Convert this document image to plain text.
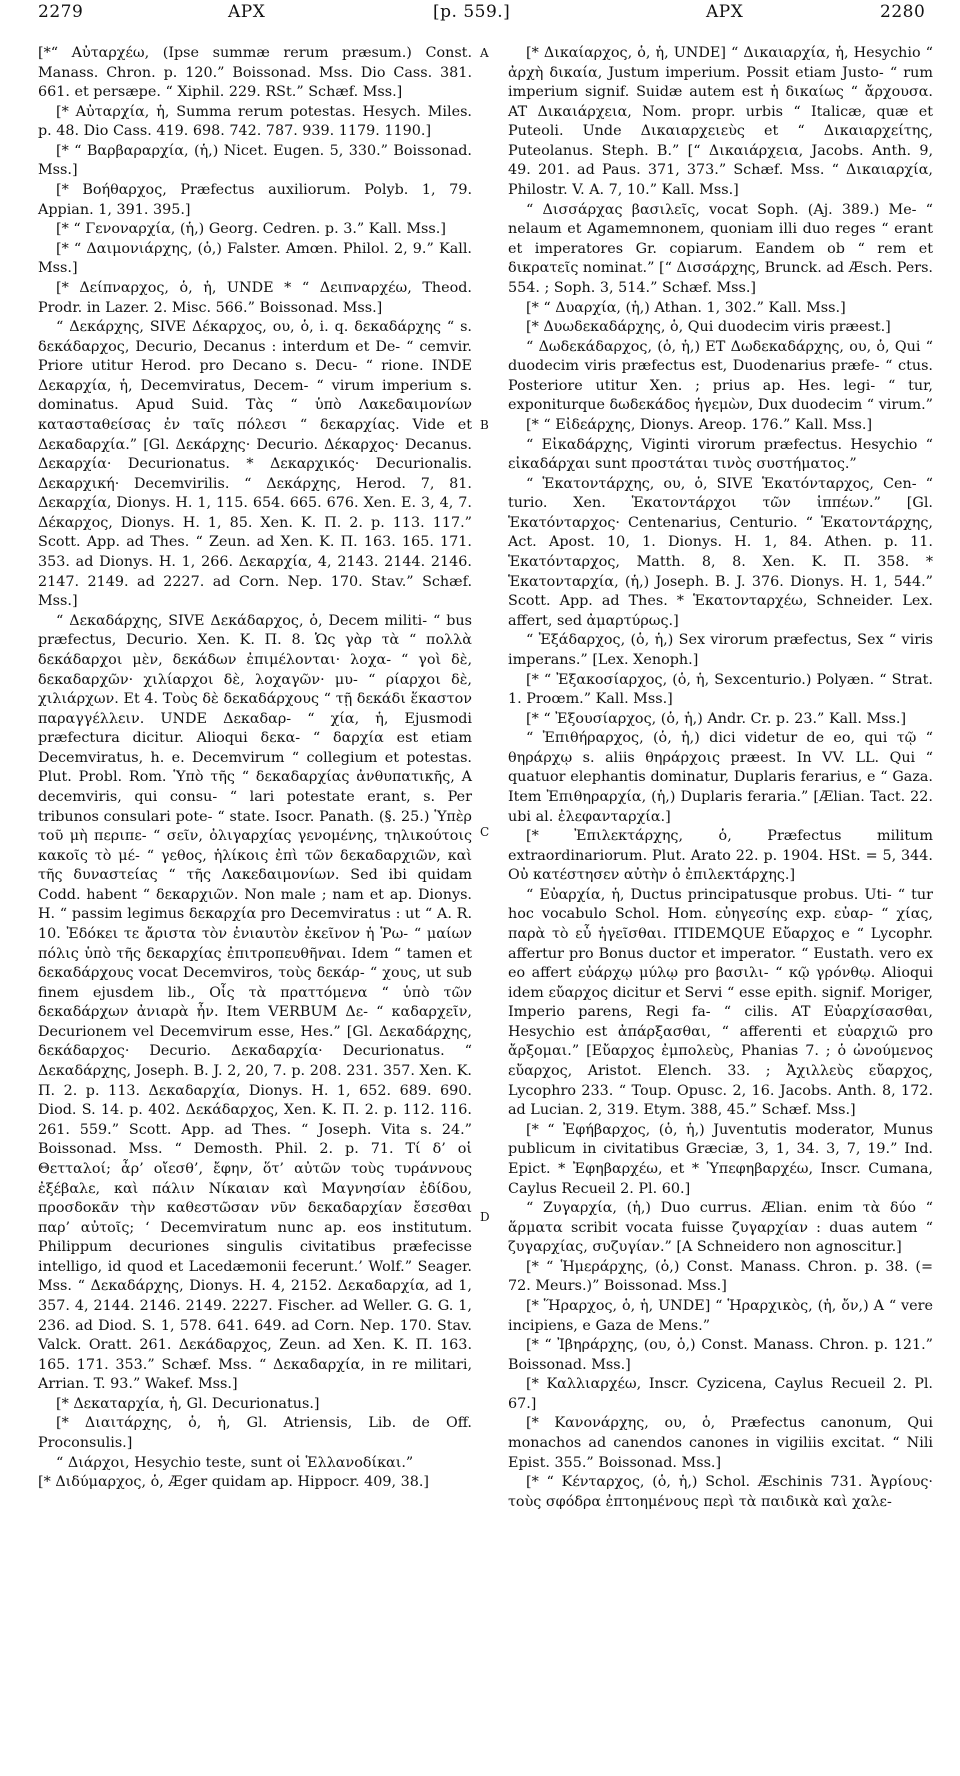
2279	ΑΡΧ	[p. 559.]	ΑΡΧ	2280
A
B
C
D

[*“ Αὐταρχέω, (Ipse summæ rerum præsum.) Const. Manass. Chron. p. 120.” Boissonad. Mss. Dio Cass. 381. 661. et persæpe. “ Xiphil. 229. RSt.” Schæf. Mss.]

[* Αὐταρχία, ἡ, Summa rerum potestas. Hesych. Miles. p. 48. Dio Cass. 419. 698. 742. 787. 939. 1179. 1190.]

[* “ Βαρβαραρχία, (ἡ,) Nicet. Eugen. 5, 330.” Boissonad. Mss.]

[* Βοήθαρχος, Præfectus auxiliorum. Polyb. 1, 79. Appian. 1, 391. 395.]

[* “ Γενοναρχία, (ἡ,) Georg. Cedren. p. 3.” Kall. Mss.]

[* “ Δαιμονιάρχης, (ὁ,) Falster. Amœn. Philol. 2, 9.” Kall. Mss.]

[* Δείπναρχος, ὁ, ἡ, UNDE * “ Δειπναρχέω, Theod. Prodr. in Lazer. 2. Misc. 566.” Boissonad. Mss.]

“ Δεκάρχης, SIVE Δέκαρχος, ου, ὁ, i. q. δεκαδάρχης “ s. δεκάδαρχος, Decurio, Decanus : interdum et De- “ cemvir. Priore utitur Herod. pro Decano s. Decu- “ rione. INDE Δεκαρχία, ἡ, Decemviratus, Decem- “ virum imperium s. dominatus. Apud Suid. Τὰς “ ὑπὸ Λακεδαιμονίων κατασταθείσας ἐν ταῖς πόλεσι “ δεκαρχίας. Vide et Δεκαδαρχία.” [Gl. Δεκάρχης· Decurio. Δέκαρχος· Decanus. Δεκαρχία· Decurionatus. * Δεκαρχικός· Decurionalis. Δεκαρχική· Decemvirilis. “ Δεκάρχης, Herod. 7, 81. Δεκαρχία, Dionys. H. 1, 115. 654. 665. 676. Xen. E. 3, 4, 7. Δέκαρχος, Dionys. H. 1, 85. Xen. K. Π. 2. p. 113. 117.” Scott. App. ad Thes. “ Zeun. ad Xen. K. Π. 163. 165. 171. 353. ad Dionys. H. 1, 266. Δεκαρχία, 4, 2143. 2144. 2146. 2147. 2149. ad 2227. ad Corn. Nep. 170. Stav.” Schæf. Mss.]

“ Δεκαδάρχης, SIVE Δεκάδαρχος, ὁ, Decem militi- “ bus præfectus, Decurio. Xen. K. Π. 8. Ὡς γὰρ τὰ “ πολλὰ δεκάδαρχοι μὲν, δεκάδων ἐπιμέλονται· λοχα- “ γοὶ δὲ, δεκαδαρχῶν· χιλίαρχοι δὲ, λοχαγῶν· μυ- “ ρίαρχοι δὲ, χιλιάρχων. Et 4. Τοὺς δὲ δεκαδάρχους “ τῇ δεκάδι ἕκαστον παραγγέλλειν. UNDE Δεκαδαρ- “ χία, ἡ, Ejusmodi præfectura dicitur. Alioqui δεκα- “ δαρχία est etiam Decemviratus, h. e. Decemvirum “ collegium et potestas. Plut. Probl. Rom. Ὑπὸ τῆς “ δεκαδαρχίας ἀνθυπατικῆς, A decemviris, qui consu- “ lari potestate erant, s. Per tribunos consulari pote- “ state. Isocr. Panath. (§. 25.) Ὑπὲρ τοῦ μὴ περιπε- “ σεῖν, ὀλιγαρχίας γενομένης, τηλικούτοις κακοῖς τὸ μέ- “ γεθος, ἡλίκοις ἐπὶ τῶν δεκαδαρχιῶν, καὶ τῆς δυναστείας “ τῆς Λακεδαιμονίων. Sed ibi quidam Codd. habent “ δεκαρχιῶν. Non male ; nam et ap. Dionys. H. “ passim legimus δεκαρχία pro Decemviratus : ut “ A. R. 10. Ἐδόκει τε ἄριστα τὸν ἐνιαυτὸν ἐκεῖνον ἡ Ῥω- “ μαίων πόλις ὑπὸ τῆς δεκαρχίας ἐπιτροπευθῆναι. Idem “ tamen et δεκαδάρχους vocat Decemviros, τοὺς δεκάρ- “ χους, ut sub finem ejusdem lib., Οἷς τὰ πραττόμενα “ ὑπὸ τῶν δεκαδάρχων ἀνιαρὰ ἦν. Item VERBUM Δε- “ καδαρχεῖν, Decurionem vel Decemvirum esse, Hes.” [Gl. Δεκαδάρχης, δεκάδαρχος· Decurio. Δεκαδαρχία· Decurionatus. “ Δεκαδάρχης, Joseph. B. J. 2, 20, 7. p. 208. 231. 357. Xen. K. Π. 2. p. 113. Δεκαδαρχία, Dionys. H. 1, 652. 689. 690. Diod. S. 14. p. 402. Δεκάδαρχος, Xen. K. Π. 2. p. 112. 116. 261. 559.” Scott. App. ad Thes. “ Joseph. Vita s. 24.” Boissonad. Mss. “ Demosth. Phil. 2. p. 71. Τί δ’ οἱ Θετταλοί; ἆρ’ οἴεσθ’, ἔφην, ὅτ’ αὐτῶν τοὺς τυράννους ἐξέβαλε, καὶ πάλιν Νίκαιαν καὶ Μαγνησίαν ἐδίδου, προσδοκᾶν τὴν καθεστῶσαν νῦν δεκαδαρχίαν ἔσεσθαι παρ’ αὐτοῖς; ‘ Decemviratum nunc ap. eos institutum. Philippum decuriones singulis civitatibus præfecisse intelligo, id quod et Lacedæmonii fecerunt.’ Wolf.” Seager. Mss. “ Δεκαδάρχης, Dionys. H. 4, 2152. Δεκαδαρχία, ad 1, 357. 4, 2144. 2146. 2149. 2227. Fischer. ad Weller. G. G. 1, 236. ad Diod. S. 1, 578. 641. 649. ad Corn. Nep. 170. Stav. Valck. Oratt. 261. Δεκάδαρχος, Zeun. ad Xen. K. Π. 163. 165. 171. 353.” Schæf. Mss. “ Δεκαδαρχία, in re militari, Arrian. T. 93.” Wakef. Mss.]

[* Δεκαταρχία, ἡ, Gl. Decurionatus.]

[* Διαιτάρχης, ὁ, ἡ, Gl. Atriensis, Lib. de Off. Proconsulis.]

“ Διάρχοι, Hesychio teste, sunt οἱ Ἑλλανοδίκαι.”

[* Διδύμαρχος, ὁ, Æger quidam ap. Hippocr. 409, 38.]

[* Δικαίαρχος, ὁ, ἡ, UNDE] “ Δικαιαρχία, ἡ, Hesychio “ ἀρχὴ δικαία, Justum imperium. Possit etiam Justo- “ rum imperium signif. Suidæ autem est ἡ δικαίως “ ἄρχουσα. AT Δικαιάρχεια, Nom. propr. urbis “ Italicæ, quæ et Puteoli. Unde Δικαιαρχειεὺς et “ Δικαιαρχείτης, Puteolanus. Steph. B.” [“ Δικαιάρχεια, Jacobs. Anth. 9, 49. 201. ad Paus. 371, 373.” Schæf. Mss. “ Δικαιαρχία, Philostr. V. A. 7, 10.” Kall. Mss.]

“ Δισσάρχας βασιλεῖς, vocat Soph. (Aj. 389.) Me- “ nelaum et Agamemnonem, quoniam illi duo reges “ erant et imperatores Gr. copiarum. Eandem ob “ rem et δικρατεῖς nominat.” [“ Δισσάρχης, Brunck. ad Æsch. Pers. 554. ; Soph. 3, 514.” Schæf. Mss.]

[* “ Δυαρχία, (ἡ,) Athan. 1, 302.” Kall. Mss.]

[* Δυωδεκαδάρχης, ὁ, Qui duodecim viris præest.]

“ Δωδεκάδαρχος, (ὁ, ἡ,) ET Δωδεκαδάρχης, ου, ὁ, Qui “ duodecim viris præfectus est, Duodenarius præfe- “ ctus. Posteriore utitur Xen. ; prius ap. Hes. legi- “ tur, exponiturque δωδεκάδος ἡγεμὼν, Dux duodecim “ virum.”

[* “ Εἰδεάρχης, Dionys. Areop. 176.” Kall. Mss.]

“ Εἰκαδάρχης, Viginti virorum præfectus. Hesychio “ εἰκαδάρχαι sunt προστάται τινὸς συστήματος.”

“ Ἑκατοντάρχης, ου, ὁ, SIVE Ἑκατόνταρχος, Cen- “ turio. Xen. Ἑκατοντάρχοι τῶν ἱππέων.” [Gl. Ἑκατόνταρχος· Centenarius, Centurio. “ Ἑκατοντάρχης, Act. Apost. 10, 1. Dionys. H. 1, 84. Athen. p. 11. Ἑκατόνταρχος, Matth. 8, 8. Xen. K. Π. 358. * Ἑκατονταρχία, (ἡ,) Joseph. B. J. 376. Dionys. H. 1, 544.” Scott. App. ad Thes. * Ἑκατονταρχέω, Schneider. Lex. affert, sed ἀμαρτύρως.]

“ Ἐξάδαρχος, (ὁ, ἡ,) Sex virorum præfectus, Sex “ viris imperans.” [Lex. Xenoph.]

[* “ Ἐξακοσίαρχος, (ὁ, ἡ, Sexcenturio.) Polyæn. “ Strat. 1. Proœm.” Kall. Mss.]

[* “ Ἐξουσίαρχος, (ὁ, ἡ,) Andr. Cr. p. 23.” Kall. Mss.]

“ Ἐπιθήραρχος, (ὁ, ἡ,) dici videtur de eo, qui τῷ “ θηράρχῳ s. aliis θηράρχοις præest. In VV. LL. Qui “ quatuor elephantis dominatur, Duplaris ferarius, e “ Gaza. Item Ἐπιθηραρχία, (ἡ,) Duplaris feraria.” [Ælian. Tact. 22. ubi al. ἐλεφανταρχία.]

[* Ἐπιλεκτάρχης, ὁ, Præfectus militum extraordinariorum. Plut. Arato 22. p. 1904. HSt. = 5, 344. Οὐ κατέστησεν αὐτὴν ὁ ἐπιλεκτάρχης.]

“ Εὐαρχία, ἡ, Ductus principatusque probus. Uti- “ tur hoc vocabulo Schol. Hom. εὐηγεσίης exp. εὐαρ- “ χίας, παρὰ τὸ εὖ ἡγεῖσθαι. ITIDEMQUE Εὔαρχος e “ Lycophr. affertur pro Bonus ductor et imperator. “ Eustath. vero ex eo affert εὐάρχῳ μύλῳ pro βασιλι- “ κῷ γρόνθῳ. Alioqui idem εὔαρχος dicitur et Servi “ esse epith. signif. Moriger, Imperio parens, Regi fa- “ cilis. AT Εὐαρχίσασθαι, Hesychio est ἀπάρξασθαι, “ afferenti et εὐαρχιῶ pro ἄρξομαι.” [Εὔαρχος ἐμπολεὺς, Phanias 7. ; ὁ ὠνούμενος εὔαρχος, Aristot. Elench. 33. ; Ἀχιλλεὺς εὔαρχος, Lycophro 233. “ Toup. Opusc. 2, 16. Jacobs. Anth. 8, 172. ad Lucian. 2, 319. Etym. 388, 45.” Schæf. Mss.]

[* “ Ἐφήβαρχος, (ὁ, ἡ,) Juventutis moderator, Munus publicum in civitatibus Græciæ, 3, 1, 34. 3, 7, 19.” Ind. Epict. * Ἐφηβαρχέω, et * Ὑπεφηβαρχέω, Inscr. Cumana, Caylus Recueil 2. Pl. 60.]

“ Ζυγαρχία, (ἡ,) Duo currus. Ælian. enim τὰ δύο “ ἅρματα scribit vocata fuisse ζυγαρχίαν : duas autem “ ζυγαρχίας, συζυγίαν.” [A Schneidero non agnoscitur.]

[* “ Ἡμεράρχης, (ὁ,) Const. Manass. Chron. p. 38. (= 72. Meurs.)” Boissonad. Mss.]

[* Ἥραρχος, ὁ, ἡ, UNDE] “ Ἡραρχικὸς, (ἡ, ὄν,) A “ vere incipiens, e Gaza de Mens.”

[* “ Ἰβηράρχης, (ου, ὁ,) Const. Manass. Chron. p. 121.” Boissonad. Mss.]

[* Καλλιαρχέω, Inscr. Cyzicena, Caylus Recueil 2. Pl. 67.]

[* Κανονάρχης, ου, ὁ, Præfectus canonum, Qui monachos ad canendos canones in vigiliis excitat. “ Nili Epist. 355.” Boissonad. Mss.]

[* “ Κένταρχος, (ὁ, ἡ,) Schol. Æschinis 731. Ἀγρίους· τοὺς σφόδρα ἐπτοημένους περὶ τὰ παιδικὰ καὶ χαλε-
